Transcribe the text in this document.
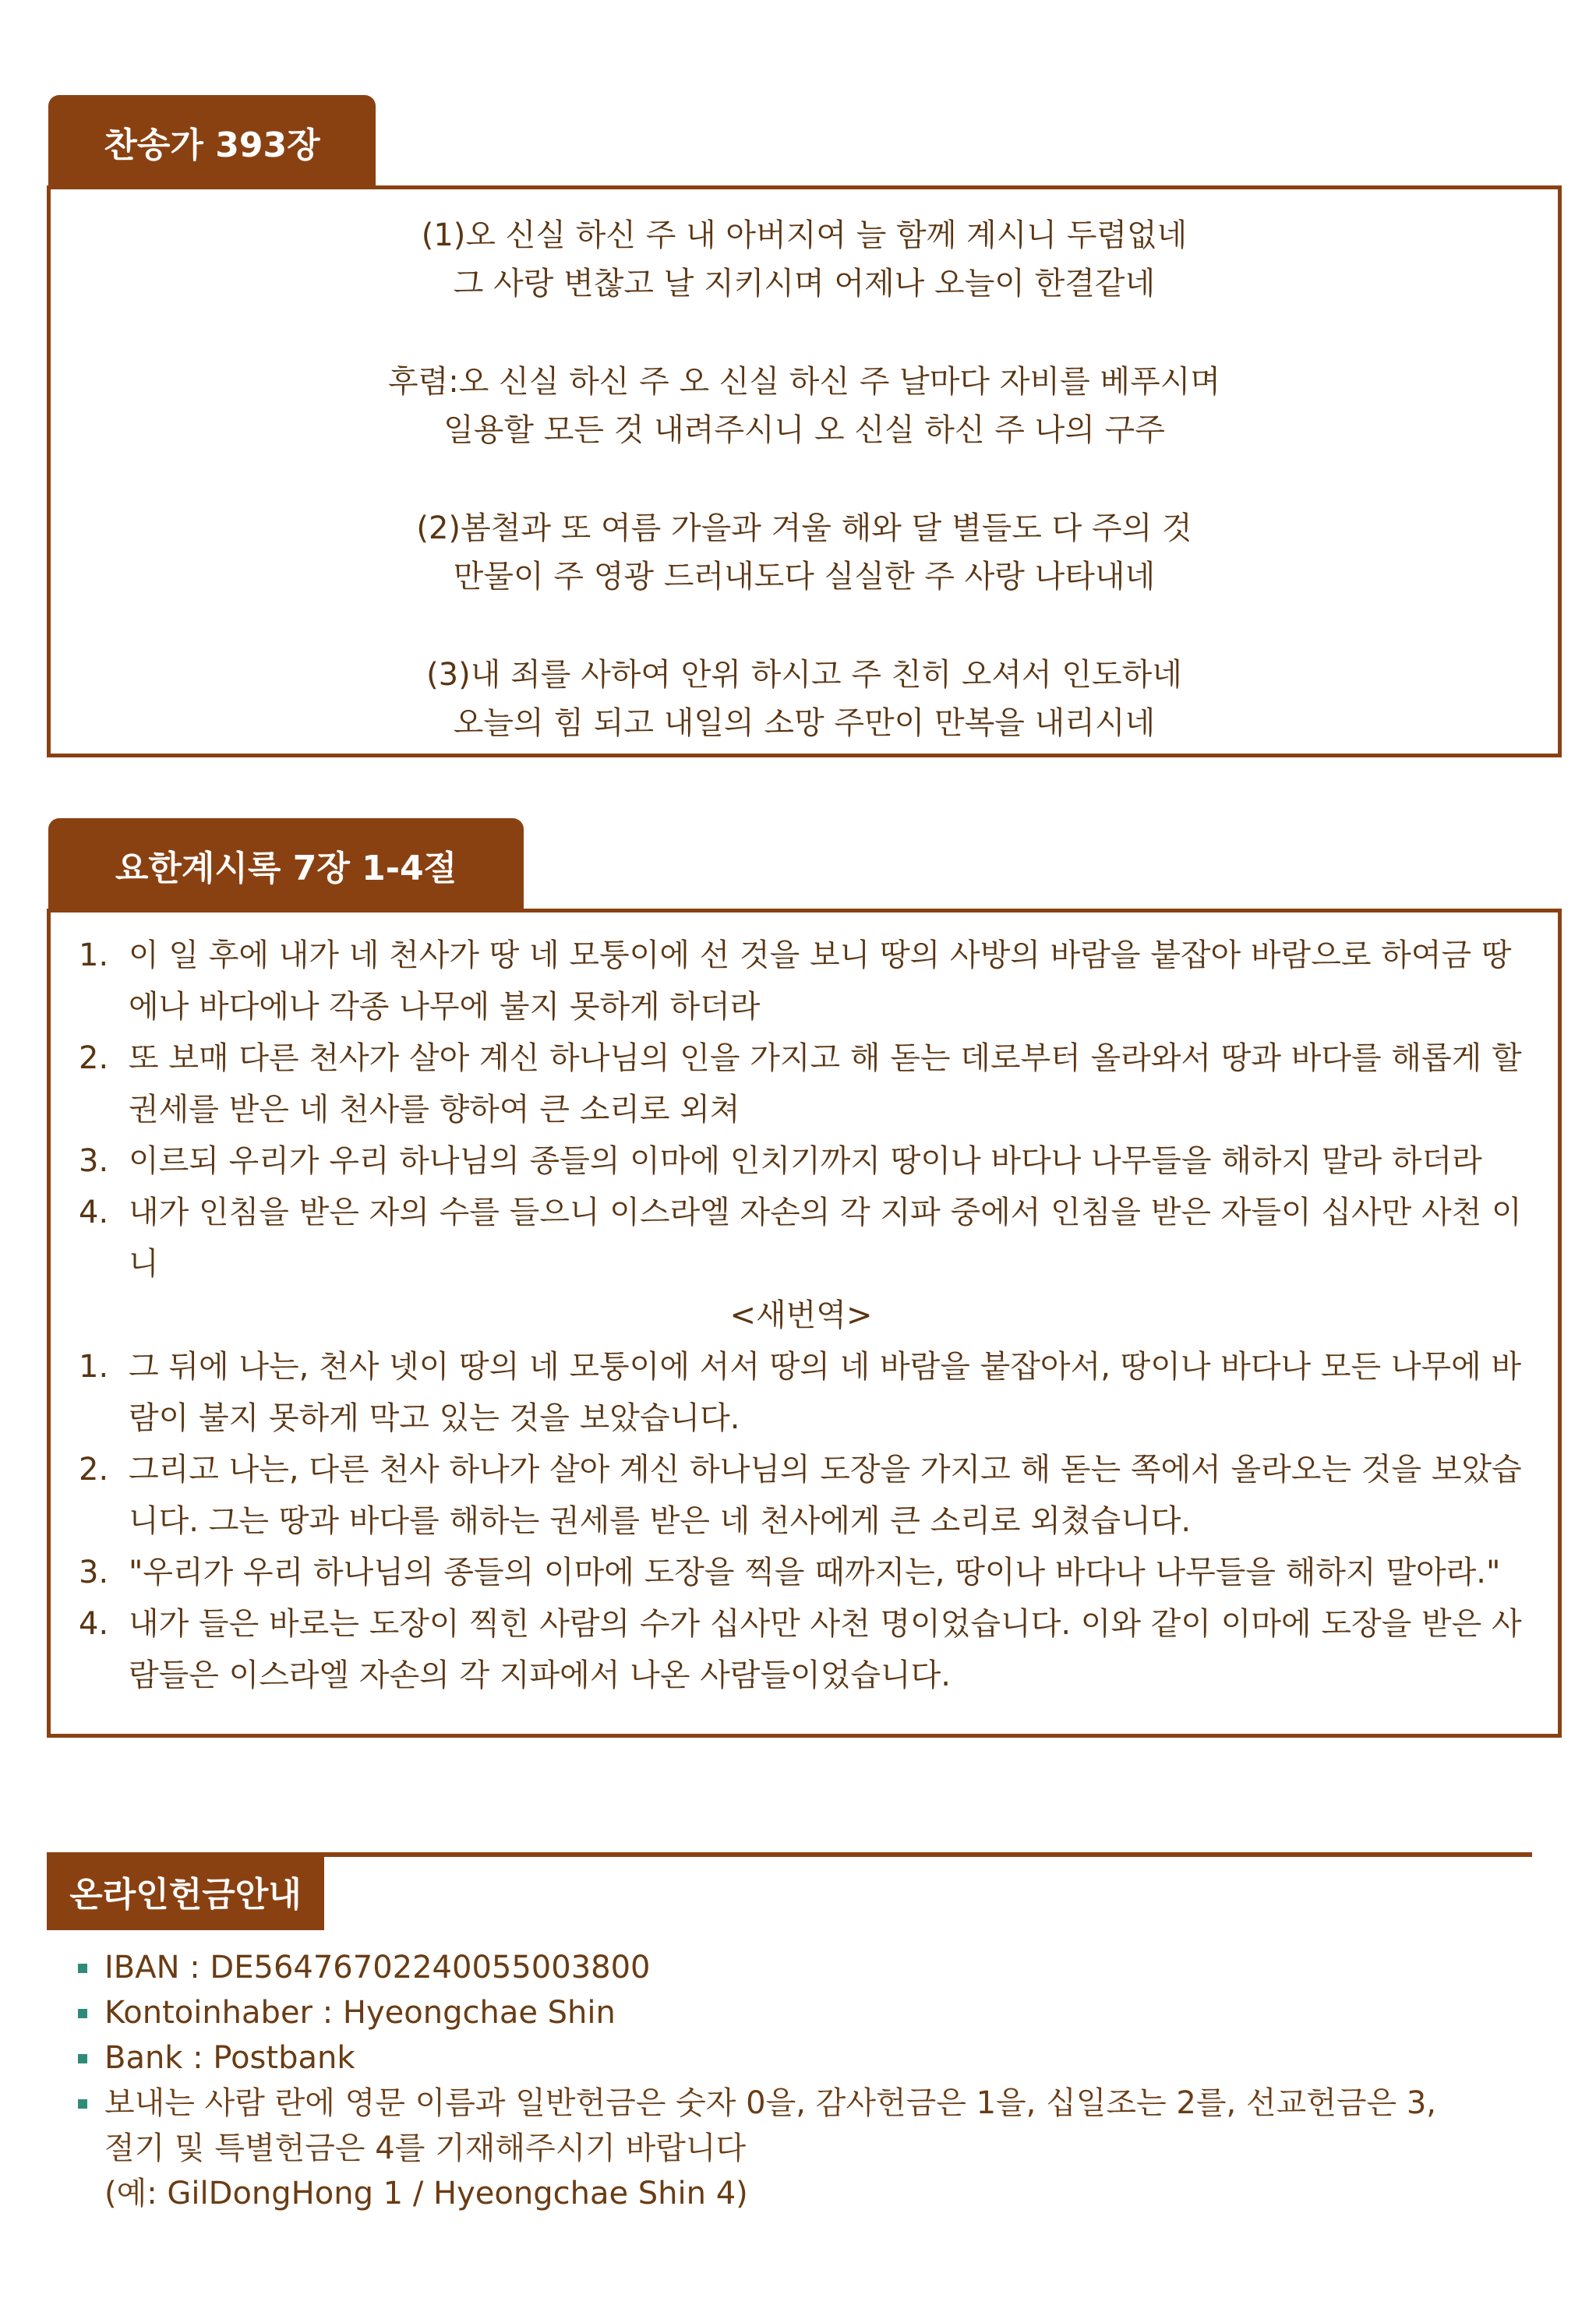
찬송가 393장
(1)오 신실 하신 주 내 아버지여 늘 함께 계시니 두렴없네
그 사랑 변찮고 날 지키시며 어제나 오늘이 한결같네
후렴:오 신실 하신 주 오 신실 하신 주 날마다 자비를 베푸시며
일용할 모든 것 내려주시니 오 신실 하신 주 나의 구주
(2)봄철과 또 여름 가을과 겨울 해와 달 별들도 다 주의 것
만물이 주 영광 드러내도다 실실한 주 사랑 나타내네
(3)내 죄를 사하여 안위 하시고 주 친히 오셔서 인도하네
오늘의 힘 되고 내일의 소망 주만이 만복을 내리시네
요한계시록 7장 1-4절
1. 이 일 후에 내가 네 천사가 땅 네 모퉁이에 선 것을 보니 땅의 사방의 바람을 붙잡아 바람으로 하여금 땅에나 바다에나 각종 나무에 불지 못하게 하더라
2. 또 보매 다른 천사가 살아 계신 하나님의 인을 가지고 해 돋는 데로부터 올라와서 땅과 바다를 해롭게 할 권세를 받은 네 천사를 향하여 큰 소리로 외쳐
3. 이르되 우리가 우리 하나님의 종들의 이마에 인치기까지 땅이나 바다나 나무들을 해하지 말라 하더라
4. 내가 인침을 받은 자의 수를 들으니 이스라엘 자손의 각 지파 중에서 인침을 받은 자들이 십사만 사천 이니
<새번역>
1. 그 뒤에 나는, 천사 넷이 땅의 네 모퉁이에 서서 땅의 네 바람을 붙잡아서, 땅이나 바다나 모든 나무에 바람이 불지 못하게 막고 있는 것을 보았습니다.
2. 그리고 나는, 다른 천사 하나가 살아 계신 하나님의 도장을 가지고 해 돋는 쪽에서 올라오는 것을 보았습니다. 그는 땅과 바다를 해하는 권세를 받은 네 천사에게 큰 소리로 외쳤습니다.
3. "우리가 우리 하나님의 종들의 이마에 도장을 찍을 때까지는, 땅이나 바다나 나무들을 해하지 말아라."
4. 내가 들은 바로는 도장이 찍힌 사람의 수가 십사만 사천 명이었습니다. 이와 같이 이마에 도장을 받은 사람들은 이스라엘 자손의 각 지파에서 나온 사람들이었습니다.
온라인헌금안내
IBAN : DE56476702240055003800
Kontoinhaber : Hyeongchae Shin
Bank : Postbank
보내는 사람 란에 영문 이름과 일반헌금은 숫자 0을, 감사헌금은 1을, 십일조는 2를, 선교헌금은 3,
절기 및 특별헌금은 4를 기재해주시기 바랍니다
(예: GilDongHong 1 / Hyeongchae Shin 4)
